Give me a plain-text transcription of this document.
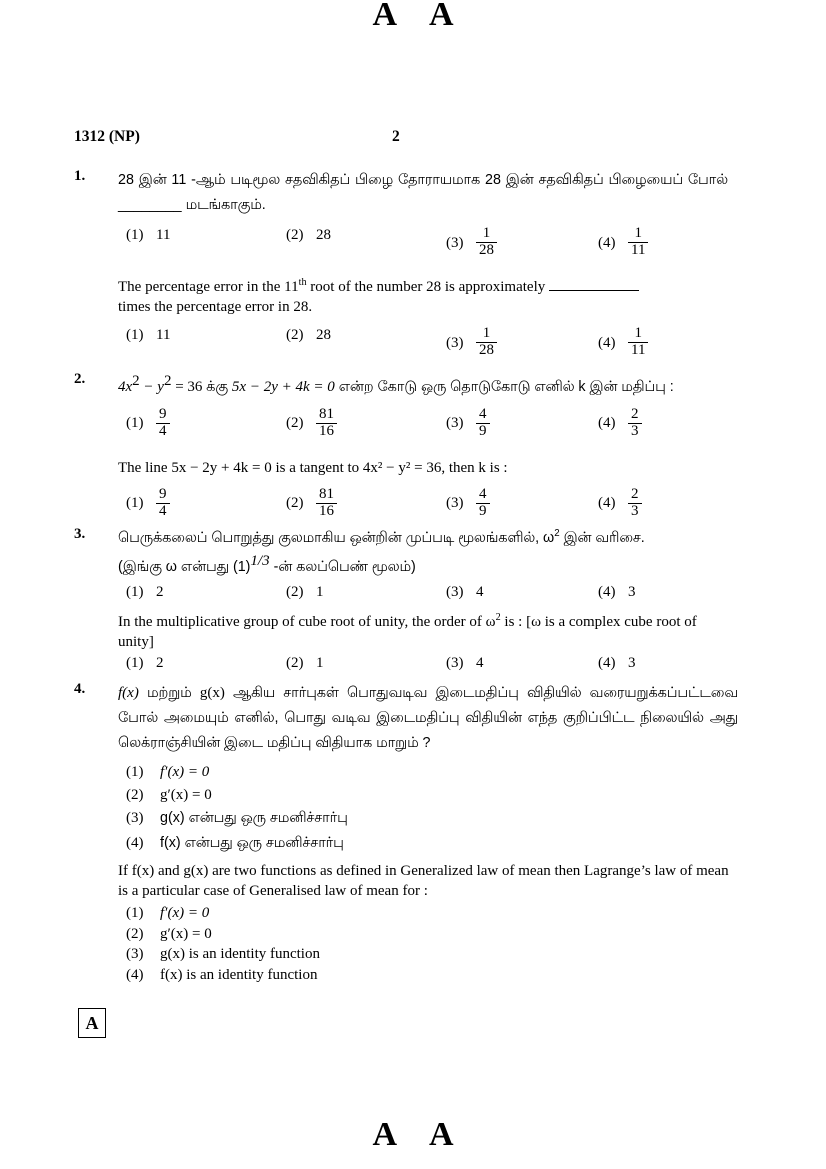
A A
1312 (NP)	2
1.	28 இன் 11 -ஆம் படிமூல சதவிகிதப் பிழை தோராயமாக 28 இன் சதவிகிதப் பிழையைப் போல் ________ மடங்காகும்.
(1) 11	(2) 28	$(3) \frac{1}{28}$	$(4) \frac{1}{11}$
The percentage error in the 11th root of the number 28 is approximately
times the percentage error in 28.
(1) 11	(2) 28	$(3) \frac{1}{28}$	$(4) \frac{1}{11}$
2.	$4x^2 - y^2 = 36$ க்கு 5x − 2y + 4k = 0 என்ற கோடு ஒரு தொடுகோடு எனில் k இன் மதிப்பு :
$(1) \frac{9}{4}$	$(2) \frac{81}{16}$	$(3) \frac{4}{9}$	$(4) \frac{2}{3}$
The line 5x − 2y + 4k = 0 is a tangent to 4x² − y² = 36, then k is :
$(1) \frac{9}{4}$	$(2) \frac{81}{16}$	$(3) \frac{4}{9}$	$(4) \frac{2}{3}$
3.	பெருக்கலைப் பொறுத்து குலமாகிய ஒன்றின் முப்படி மூலங்களில், $\omega^2$ இன் வரிசை.
(இங்கு ω என்பது $(1)^{1/3}$ -ன் கலப்பெண் மூலம்)
(1) 2	(2) 1	(3) 4	(4) 3
In the multiplicative group of cube root of unity, the order of $\omega^2$ is : [ω is a complex cube root of unity]
(1) 2	(2) 1	(3) 4	(4) 3
4.	f(x) மற்றும் g(x) ஆகிய சார்புகள் பொதுவடிவ இடைமதிப்பு விதியில் வரையறுக்கப்பட்டவை போல் அமையும் எனில், பொது வடிவ இடைமதிப்பு விதியின் எந்த குறிப்பிட்ட நிலையில் அது லெக்ராஞ்சியின் இடை மதிப்பு விதியாக மாறும் ?
(1) f′(x) = 0
(2) g′(x) = 0
(3) g(x) என்பது ஒரு சமனிச்சார்பு
(4) f(x) என்பது ஒரு சமனிச்சார்பு
If f(x) and g(x) are two functions as defined in Generalized law of mean then Lagrange’s law of mean is a particular case of Generalised law of mean for :
(1) f′(x) = 0
(2) g′(x) = 0
(3) g(x) is an identity function
(4) f(x) is an identity function
A
A A
